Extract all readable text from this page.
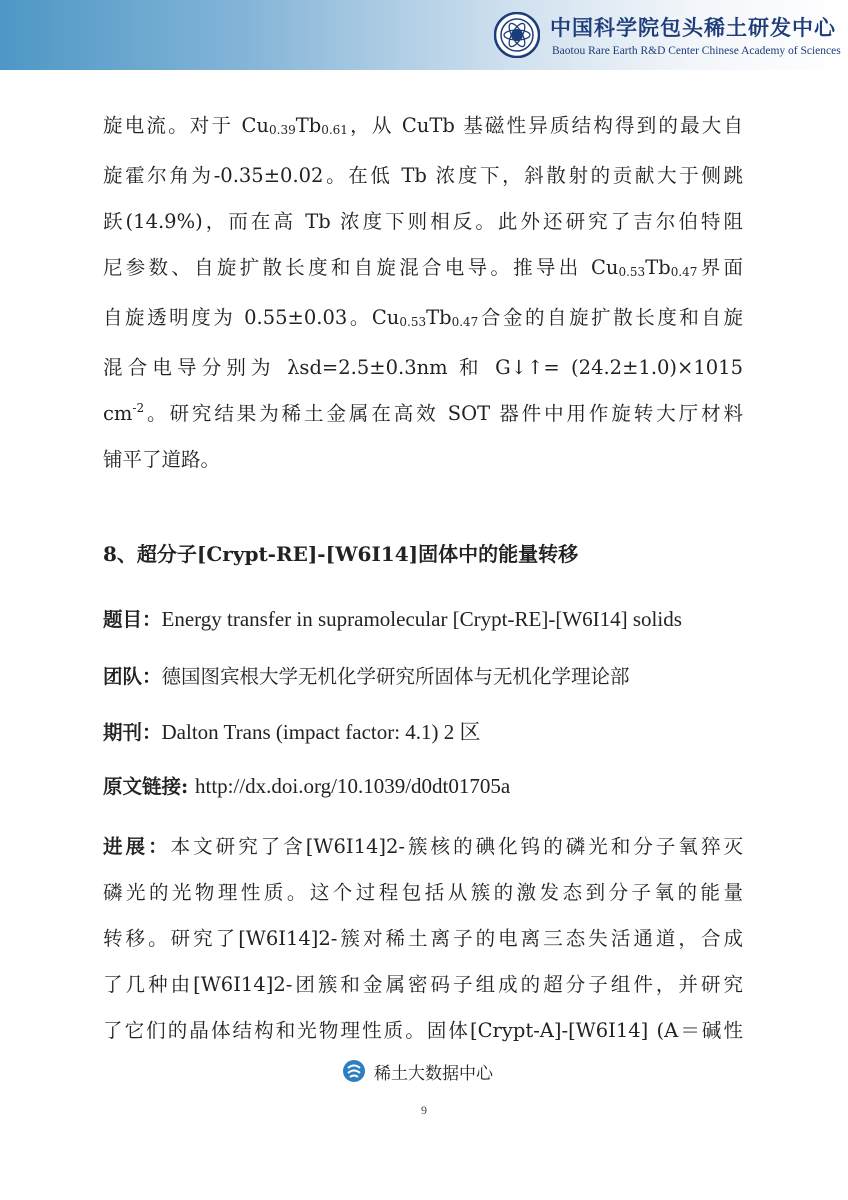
中国科学院包头稀土研发中心
Baotou Rare Earth R&D Center Chinese Academy of Sciences

旋电流。对于 $Cu_{0.39}Tb_{0.61}$，从 CuTb 基磁性异质结构得到的最大自

旋霍尔角为-0.35±0.02。在低 Tb 浓度下，斜散射的贡献大于侧跳

跃(14.9%)，而在高 Tb 浓度下则相反。此外还研究了吉尔伯特阻

尼参数、自旋扩散长度和自旋混合电导。推导出 $Cu_{0.53}Tb_{0.47}$界面

自旋透明度为 0.55±0.03。$Cu_{0.53}Tb_{0.47}$合金的自旋扩散长度和自旋

混合电导分别为 λsd=2.5±0.3nm 和 G↓↑= (24.2±1.0)×1015

$cm^{-2}$。研究结果为稀土金属在高效 SOT 器件中用作旋转大厅材料

铺平了道路。

8、超分子[Crypt-RE]-[W6I14]固体中的能量转移
题目：Energy transfer in supramolecular [Crypt-RE]-[W6I14] solids
团队：德国图宾根大学无机化学研究所固体与无机化学理论部
期刊：Dalton Trans (impact factor: 4.1) 2 区
原文链接: http://dx.doi.org/10.1039/d0dt01705a

进展：本文研究了含[W6I14]2-簇核的碘化钨的磷光和分子氧猝灭

磷光的光物理性质。这个过程包括从簇的激发态到分子氧的能量

转移。研究了[W6I14]2-簇对稀土离子的电离三态失活通道，合成

了几种由[W6I14]2-团簇和金属密码子组成的超分子组件，并研究

了它们的晶体结构和光物理性质。固体[Crypt-A]-[W6I14] (A＝碱性

稀土大数据中心
9
